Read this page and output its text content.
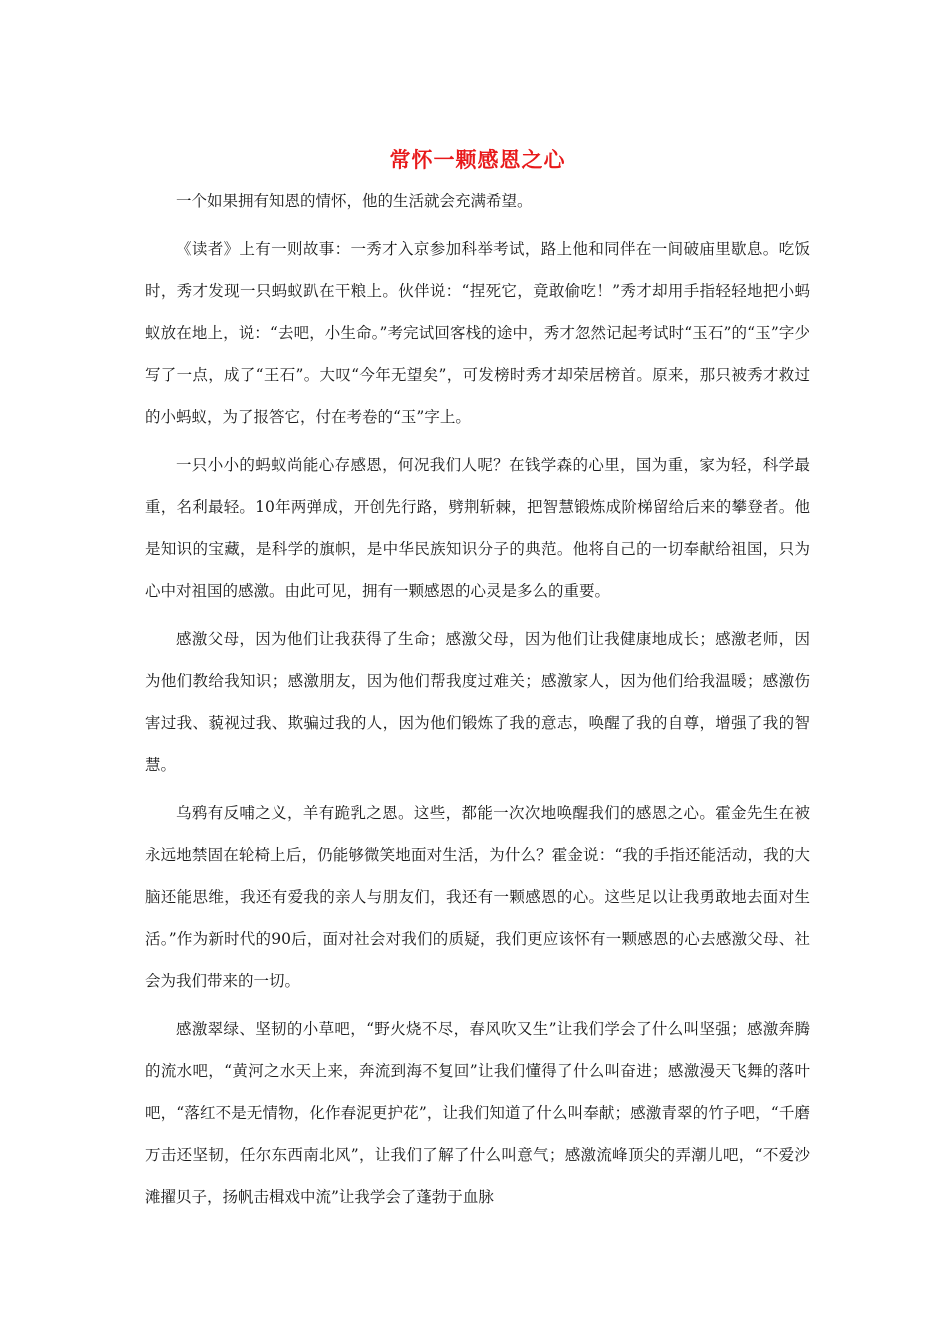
常怀一颗感恩之心

一个如果拥有知恩的情怀，他的生活就会充满希望。

《读者》上有一则故事：一秀才入京参加科举考试，路上他和同伴在一间破庙里歇息。吃饭时，秀才发现一只蚂蚁趴在干粮上。伙伴说：“捏死它，竟敢偷吃！”秀才却用手指轻轻地把小蚂蚁放在地上，说：“去吧，小生命。”考完试回客栈的途中，秀才忽然记起考试时“玉石”的“玉”字少写了一点，成了“王石”。大叹“今年无望矣”，可发榜时秀才却荣居榜首。原来，那只被秀才救过的小蚂蚁，为了报答它，付在考卷的“玉”字上。

一只小小的蚂蚁尚能心存感恩，何况我们人呢？在钱学森的心里，国为重，家为轻，科学最重，名利最轻。10年两弹成，开创先行路，劈荆斩棘，把智慧锻炼成阶梯留给后来的攀登者。他是知识的宝藏，是科学的旗帜，是中华民族知识分子的典范。他将自己的一切奉献给祖国，只为心中对祖国的感激。由此可见，拥有一颗感恩的心灵是多么的重要。

感激父母，因为他们让我获得了生命；感激父母，因为他们让我健康地成长；感激老师，因为他们教给我知识；感激朋友，因为他们帮我度过难关；感激家人，因为他们给我温暖；感激伤害过我、藐视过我、欺骗过我的人，因为他们锻炼了我的意志，唤醒了我的自尊，增强了我的智慧。

乌鸦有反哺之义，羊有跪乳之恩。这些，都能一次次地唤醒我们的感恩之心。霍金先生在被永远地禁固在轮椅上后，仍能够微笑地面对生活，为什么？霍金说：“我的手指还能活动，我的大脑还能思维，我还有爱我的亲人与朋友们，我还有一颗感恩的心。这些足以让我勇敢地去面对生活。”作为新时代的90后，面对社会对我们的质疑，我们更应该怀有一颗感恩的心去感激父母、社会为我们带来的一切。

感激翠绿、坚韧的小草吧，“野火烧不尽，春风吹又生”让我们学会了什么叫坚强；感激奔腾的流水吧，“黄河之水天上来，奔流到海不复回”让我们懂得了什么叫奋进；感激漫天飞舞的落叶吧，“落红不是无情物，化作春泥更护花”，让我们知道了什么叫奉献；感激青翠的竹子吧，“千磨万击还坚韧，任尔东西南北风”，让我们了解了什么叫意气；感激流峰顶尖的弄潮儿吧，“不爱沙滩擢贝子，扬帆击楫戏中流”让我学会了蓬勃于血脉
